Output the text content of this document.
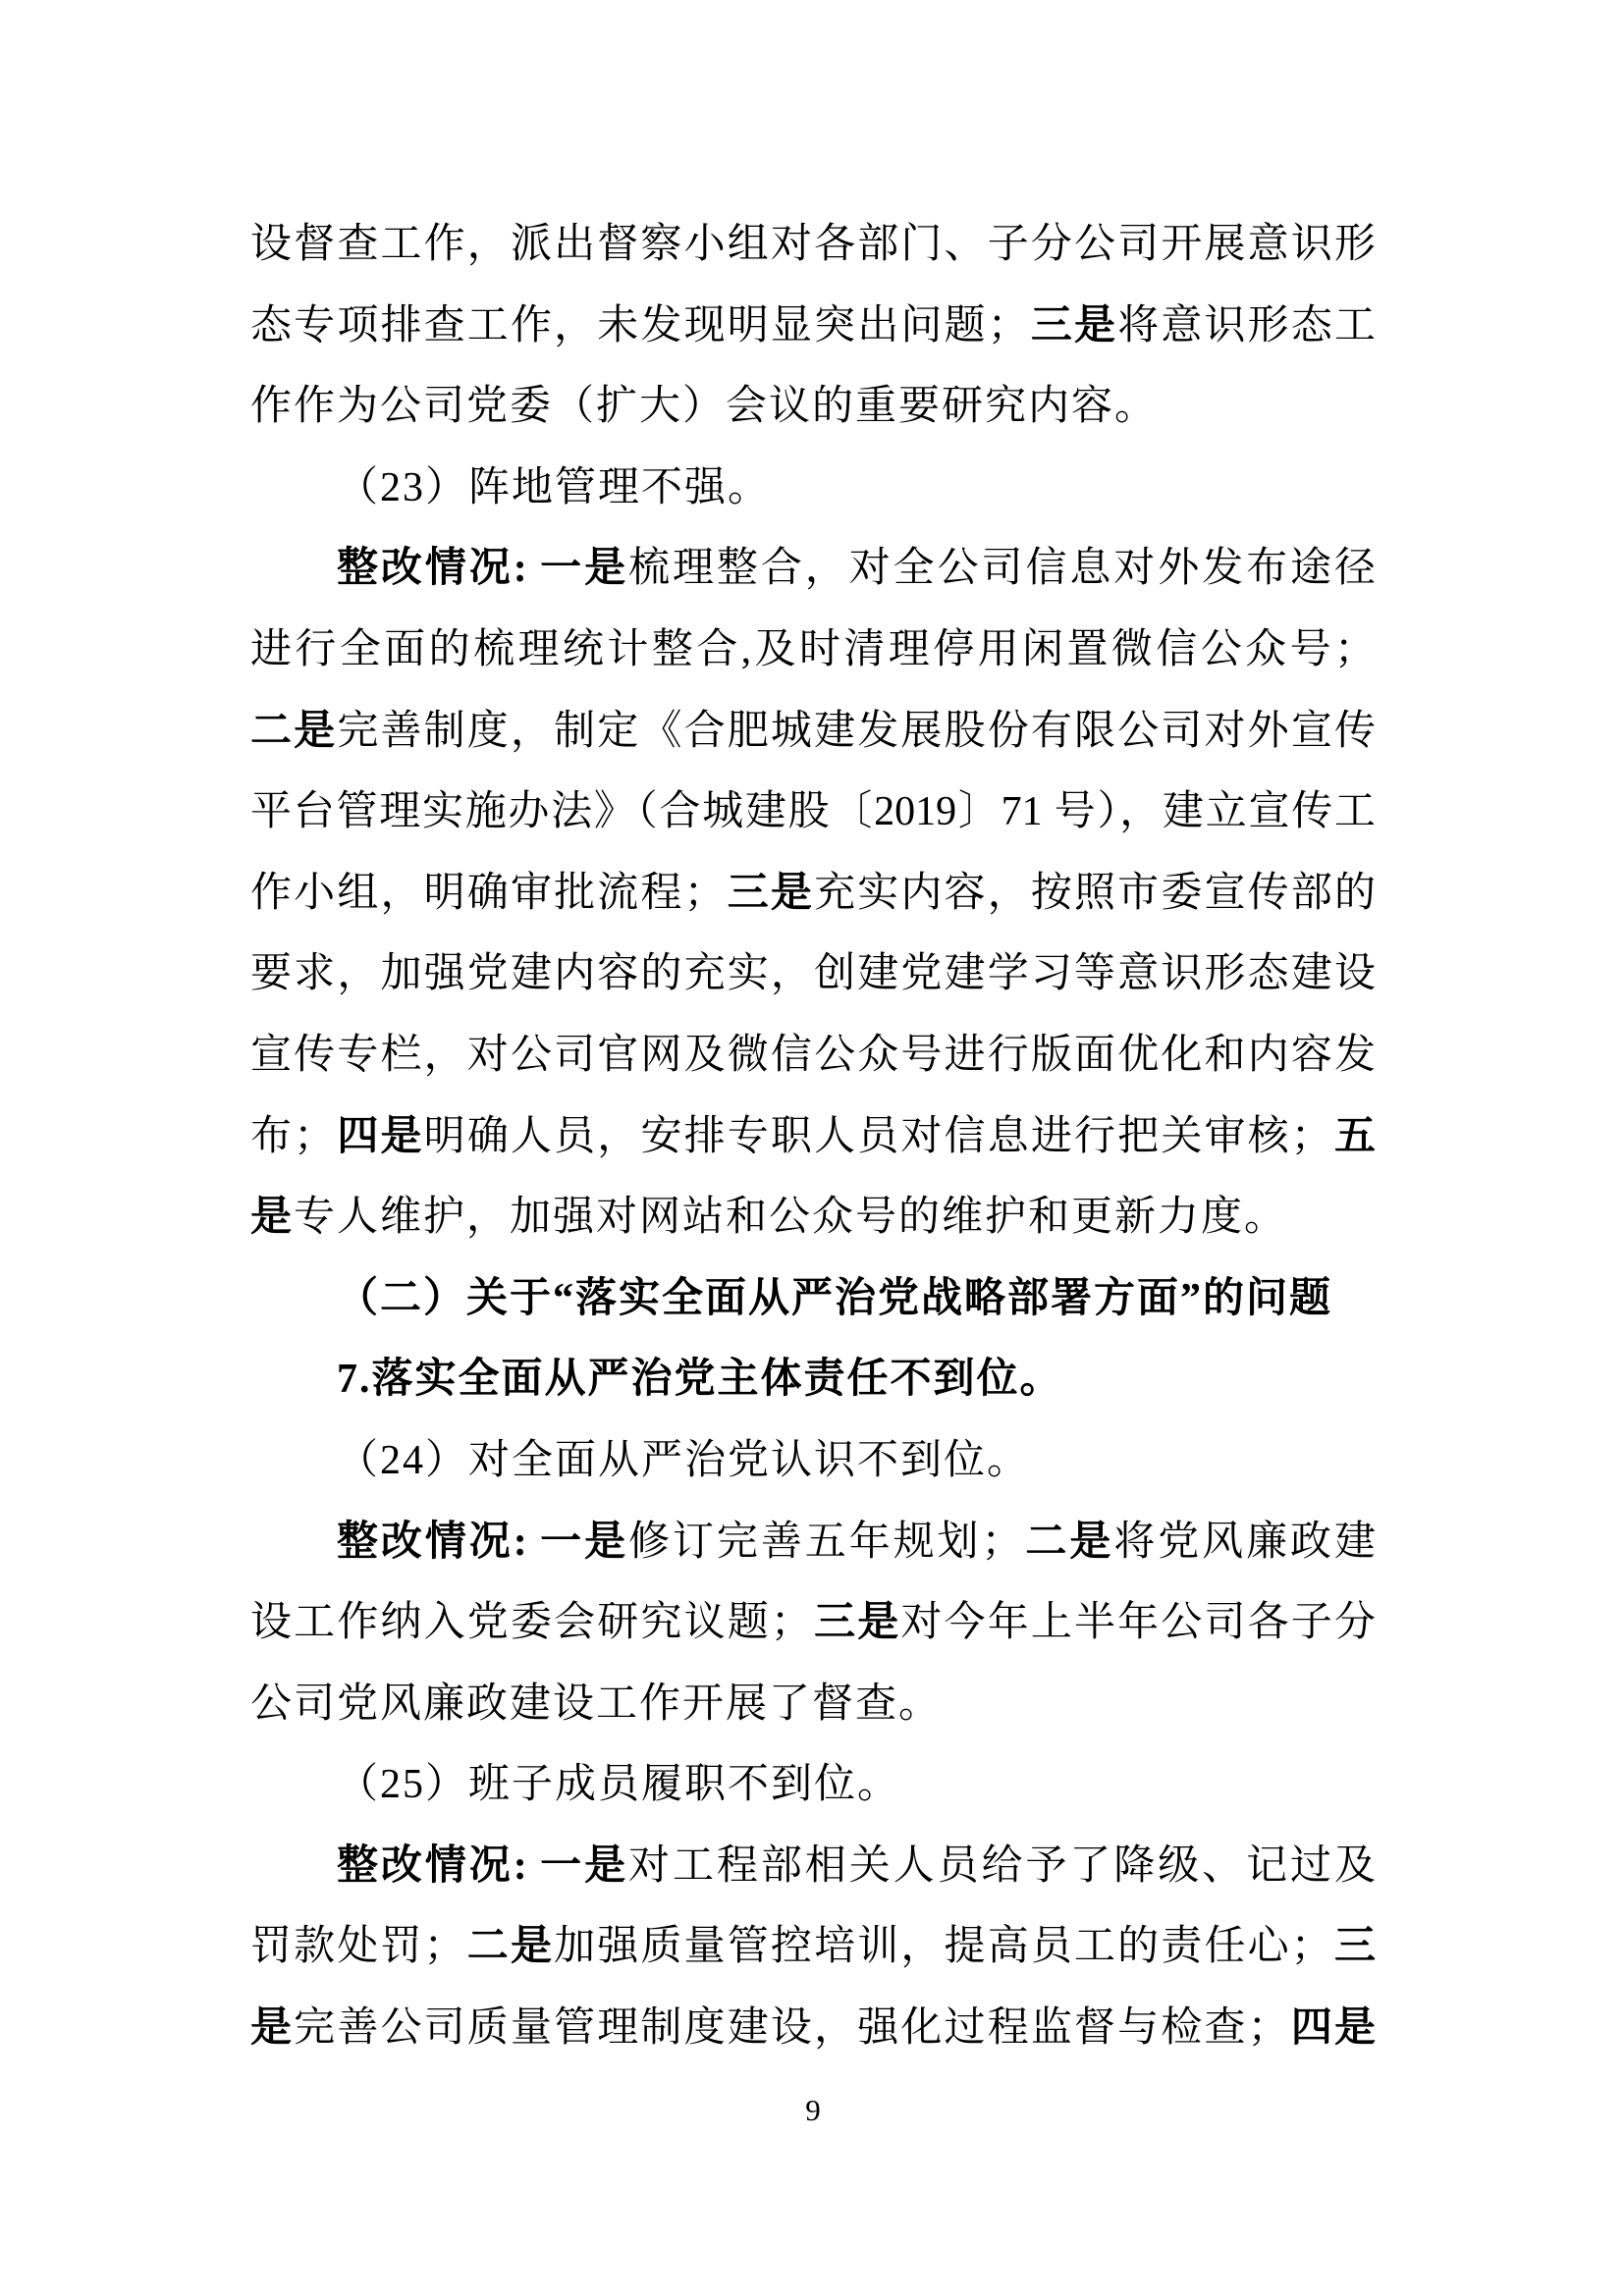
设督查工作，派出督察小组对各部门、子分公司开展意识形
态专项排查工作，未发现明显突出问题；三是将意识形态工
作作为公司党委（扩大）会议的重要研究内容。
（23）阵地管理不强。
整改情况: 一是梳理整合，对全公司信息对外发布途径
进行全面的梳理统计整合,及时清理停用闲置微信公众号；
二是完善制度，制定《合肥城建发展股份有限公司对外宣传
平台管理实施办法》（合城建股〔2019〕71 号），建立宣传工
作小组，明确审批流程；三是充实内容，按照市委宣传部的
要求，加强党建内容的充实，创建党建学习等意识形态建设
宣传专栏，对公司官网及微信公众号进行版面优化和内容发
布；四是明确人员，安排专职人员对信息进行把关审核；五
是专人维护，加强对网站和公众号的维护和更新力度。
（二）关于“落实全面从严治党战略部署方面”的问题
7.落实全面从严治党主体责任不到位。
（24）对全面从严治党认识不到位。
整改情况: 一是修订完善五年规划；二是将党风廉政建
设工作纳入党委会研究议题；三是对今年上半年公司各子分
公司党风廉政建设工作开展了督查。
（25）班子成员履职不到位。
整改情况: 一是对工程部相关人员给予了降级、记过及
罚款处罚；二是加强质量管控培训，提高员工的责任心；三
是完善公司质量管理制度建设，强化过程监督与检查；四是
9
